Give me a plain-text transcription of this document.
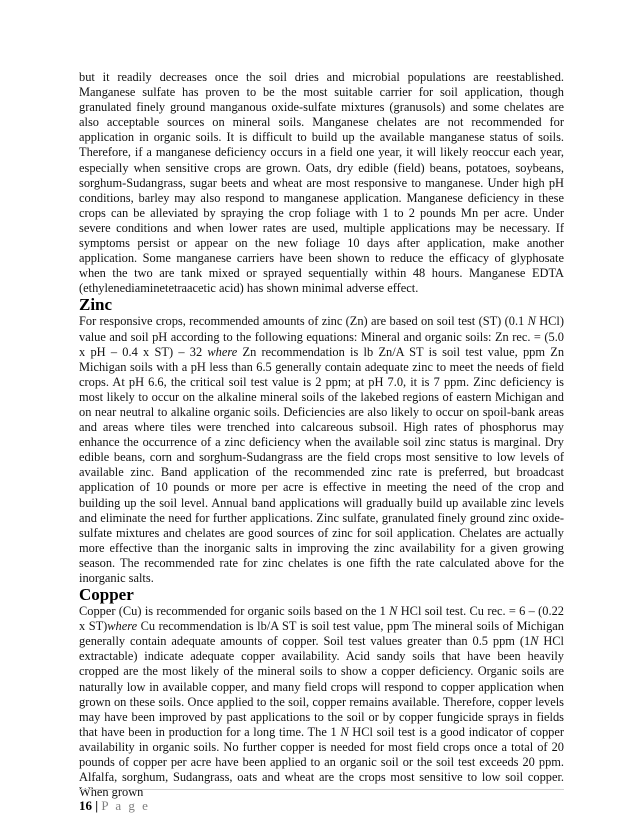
but it readily decreases once the soil dries and microbial populations are reestablished. Manganese sulfate has proven to be the most suitable carrier for soil application, though granulated finely ground manganous oxide-sulfate mixtures (granusols) and some chelates are also acceptable sources on mineral soils. Manganese chelates are not recommended for application in organic soils. It is difficult to build up the available manganese status of soils. Therefore, if a manganese deficiency occurs in a field one year, it will likely reoccur each year, especially when sensitive crops are grown. Oats, dry edible (field) beans, potatoes, soybeans, sorghum-Sudangrass, sugar beets and wheat are most responsive to manganese. Under high pH conditions, barley may also respond to manganese application. Manganese deficiency in these crops can be alleviated by spraying the crop foliage with 1 to 2 pounds Mn per acre. Under severe conditions and when lower rates are used, multiple applications may be necessary. If symptoms persist or appear on the new foliage 10 days after application, make another application. Some manganese carriers have been shown to reduce the efficacy of glyphosate when the two are tank mixed or sprayed sequentially within 48 hours. Manganese EDTA (ethylenediaminetetraacetic acid) has shown minimal adverse effect.

Zinc

For responsive crops, recommended amounts of zinc (Zn) are based on soil test (ST) (0.1 N HCl) value and soil pH according to the following equations: Mineral and organic soils: Zn rec. = (5.0 x pH – 0.4 x ST) – 32 where Zn recommendation is lb Zn/A ST is soil test value, ppm Zn Michigan soils with a pH less than 6.5 generally contain adequate zinc to meet the needs of field crops. At pH 6.6, the critical soil test value is 2 ppm; at pH 7.0, it is 7 ppm. Zinc deficiency is most likely to occur on the alkaline mineral soils of the lakebed regions of eastern Michigan and on near neutral to alkaline organic soils. Deficiencies are also likely to occur on spoil-bank areas and areas where tiles were trenched into calcareous subsoil. High rates of phosphorus may enhance the occurrence of a zinc deficiency when the available soil zinc status is marginal. Dry edible beans, corn and sorghum-Sudangrass are the field crops most sensitive to low levels of available zinc. Band application of the recommended zinc rate is preferred, but broadcast application of 10 pounds or more per acre is effective in meeting the need of the crop and building up the soil level. Annual band applications will gradually build up available zinc levels and eliminate the need for further applications. Zinc sulfate, granulated finely ground zinc oxide-sulfate mixtures and chelates are good sources of zinc for soil application. Chelates are actually more effective than the inorganic salts in improving the zinc availability for a given growing season. The recommended rate for zinc chelates is one fifth the rate calculated above for the inorganic salts.

Copper

Copper (Cu) is recommended for organic soils based on the 1 N HCl soil test. Cu rec. = 6 – (0.22 x ST)where Cu recommendation is lb/A ST is soil test value, ppm The mineral soils of Michigan generally contain adequate amounts of copper. Soil test values greater than 0.5 ppm (1N HCl extractable) indicate adequate copper availability. Acid sandy soils that have been heavily cropped are the most likely of the mineral soils to show a copper deficiency. Organic soils are naturally low in available copper, and many field crops will respond to copper application when grown on these soils. Once applied to the soil, copper remains available. Therefore, copper levels may have been improved by past applications to the soil or by copper fungicide sprays in fields that have been in production for a long time. The 1 N HCl soil test is a good indicator of copper availability in organic soils. No further copper is needed for most field crops once a total of 20 pounds of copper per acre have been applied to an organic soil or the soil test exceeds 20 ppm. Alfalfa, sorghum, Sudangrass, oats and wheat are the crops most sensitive to low soil copper. When grown

16 | P a g e
